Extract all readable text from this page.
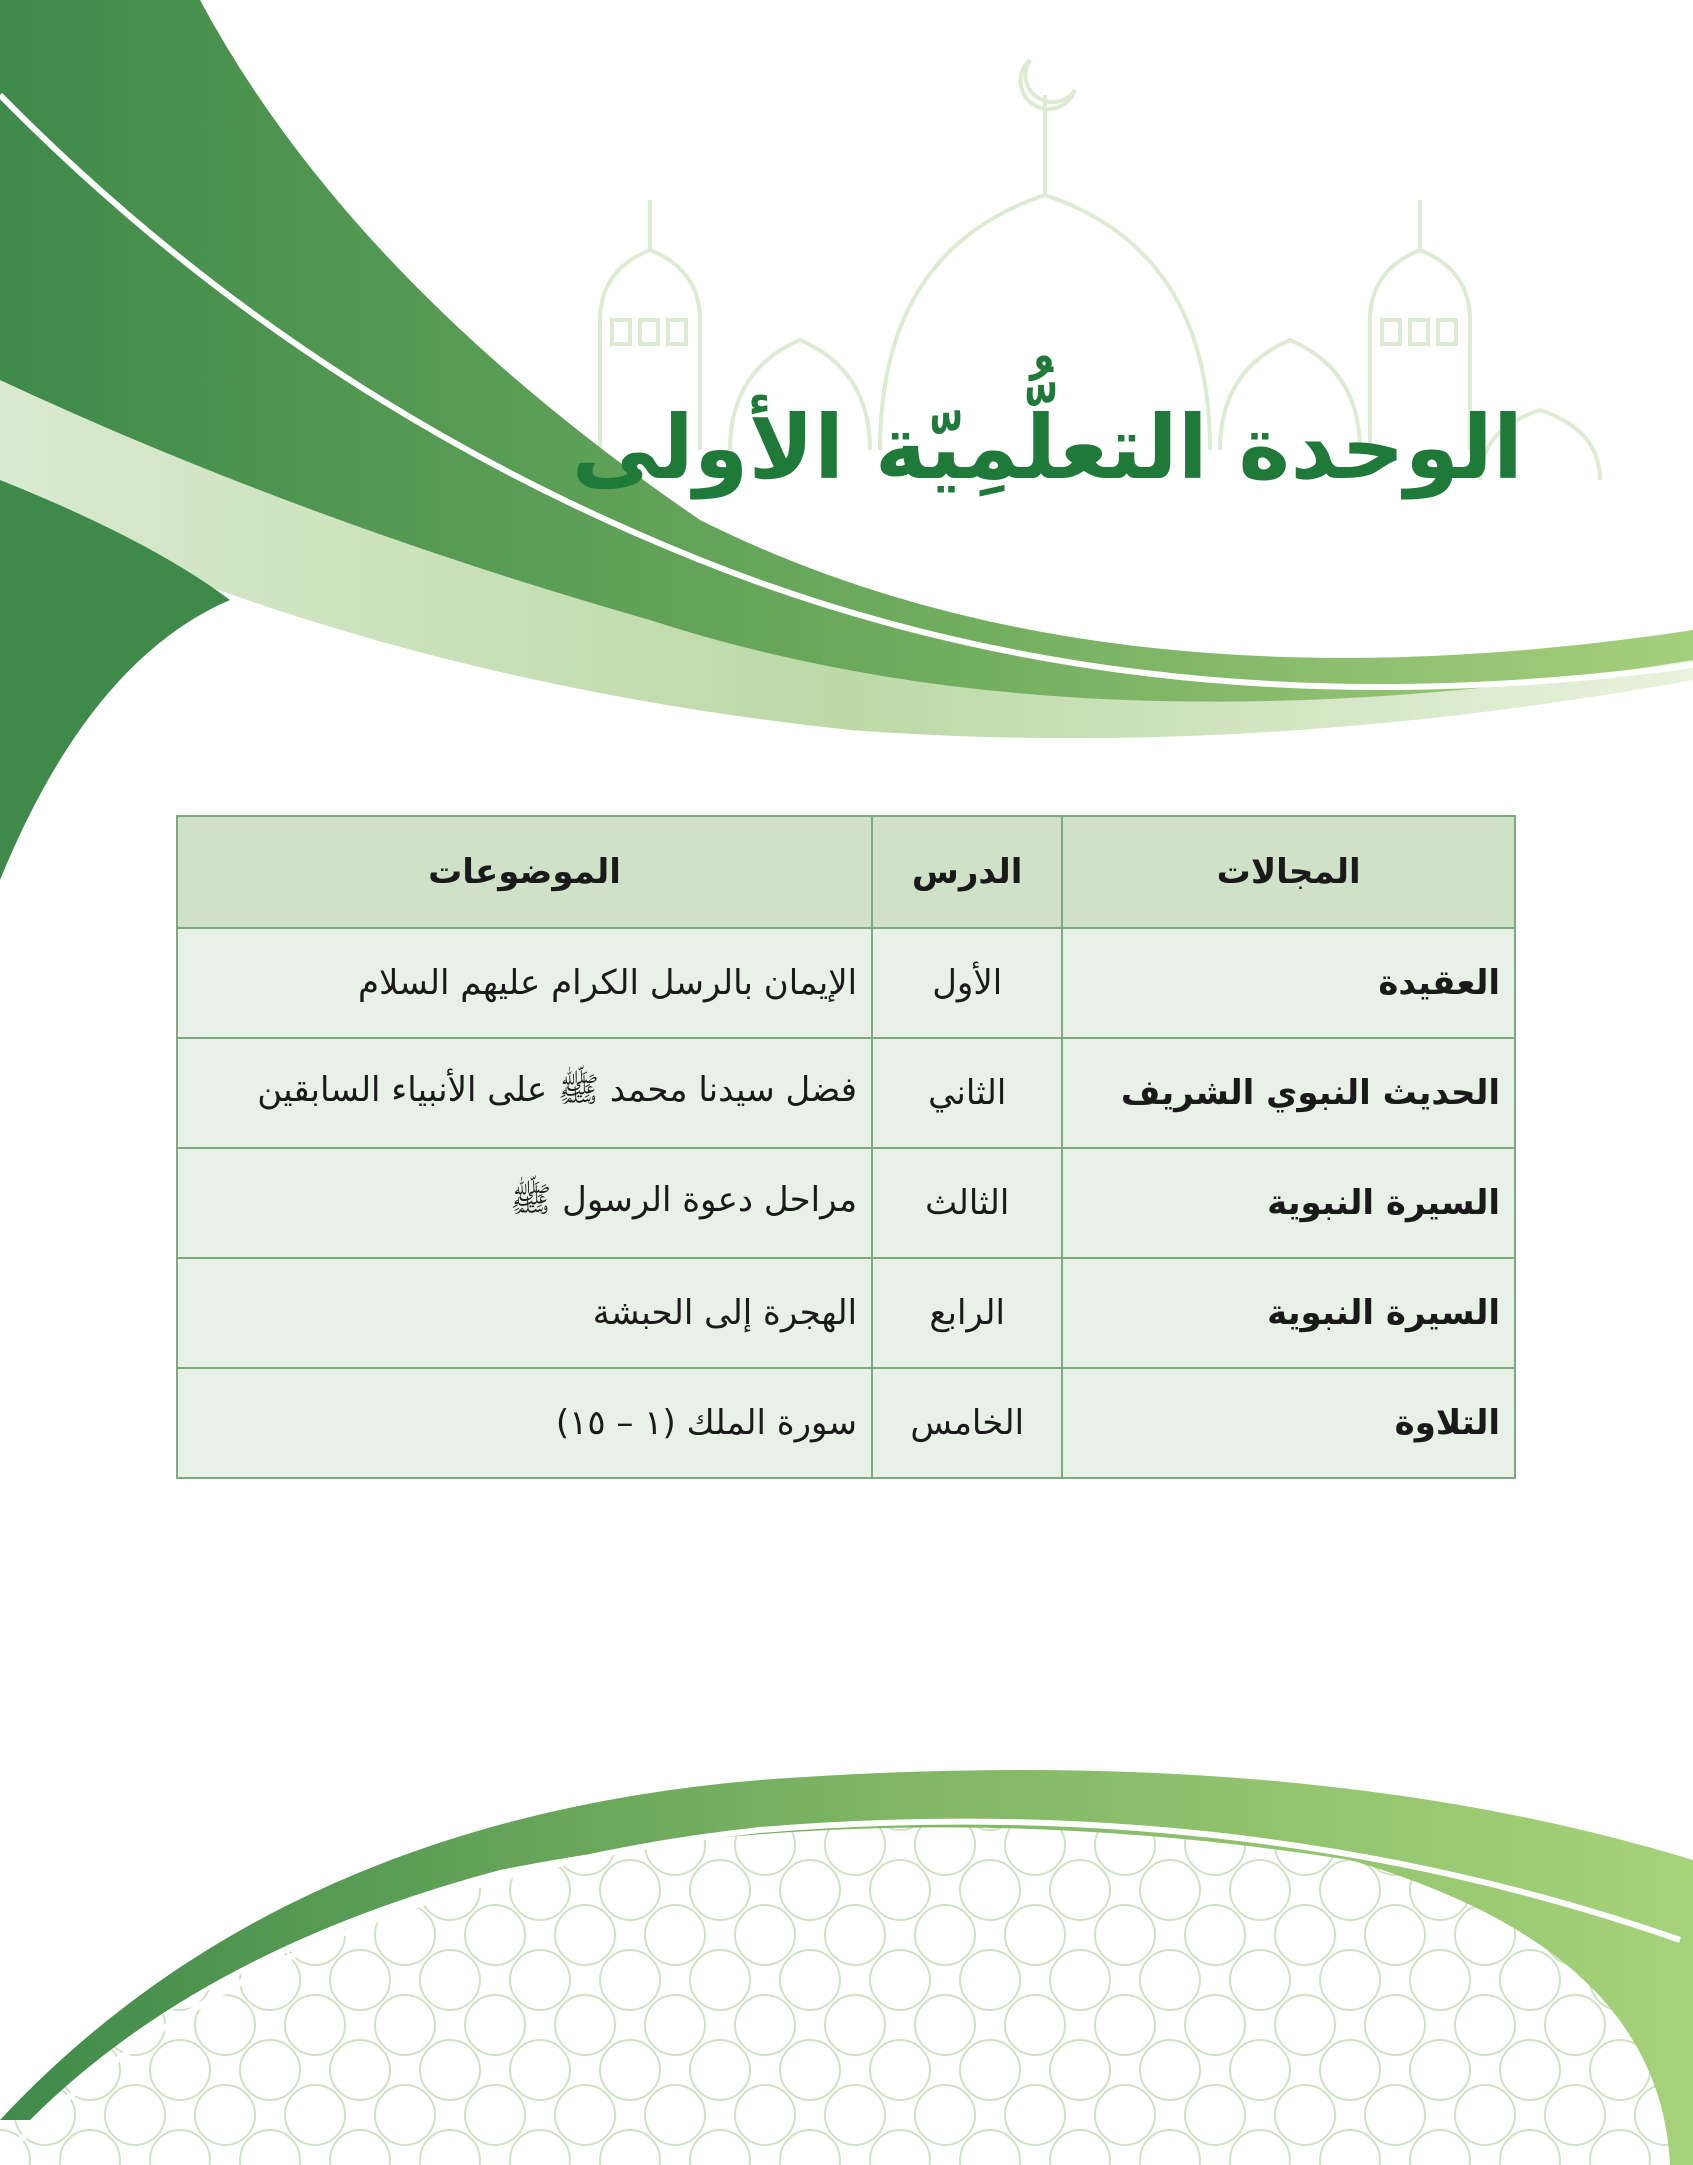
الوحدة التعلُّمِيّة الأولى
المجالات	الدرس	الموضوعات
العقيدة	الأول	الإيمان بالرسل الكرام عليهم السلام
الحديث النبوي الشريف	الثاني	فضل سيدنا محمد ﷺ على الأنبياء السابقين
السيرة النبوية	الثالث	مراحل دعوة الرسول ﷺ
السيرة النبوية	الرابع	الهجرة إلى الحبشة
التلاوة	الخامس	سورة الملك (١ – ١٥)
